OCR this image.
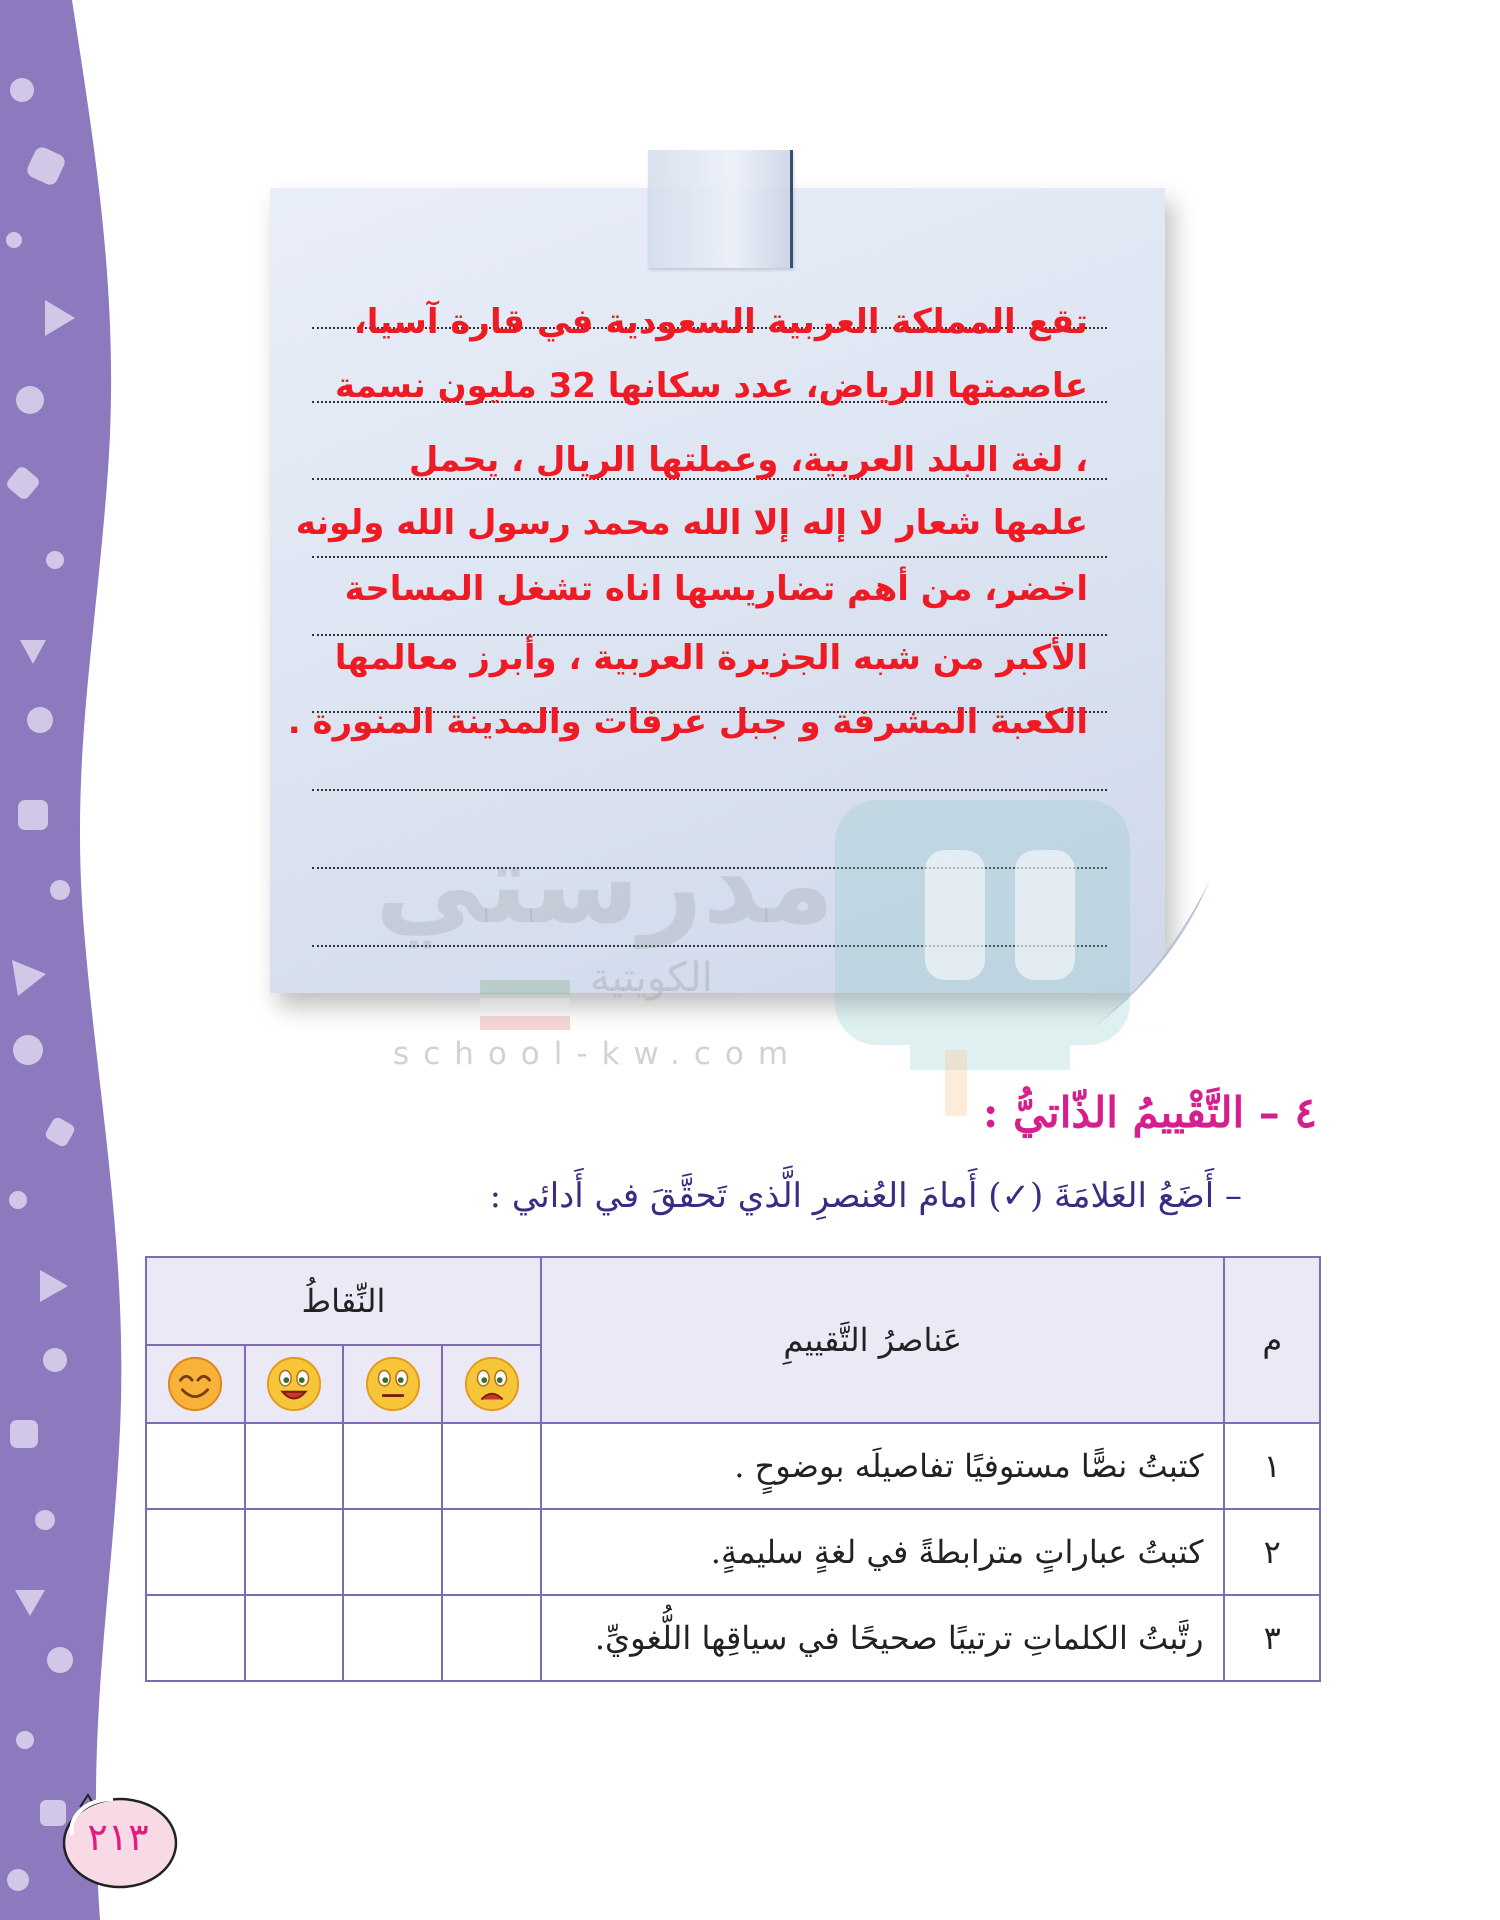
تقع المملكة العربية السعودية في قارة آسيا،
عاصمتها الرياض، عدد سكانها 32 مليون نسمة
، لغة البلد العربية، وعملتها الريال ، يحمل
علمها شعار لا إله إلا الله محمد رسول الله ولونه
اخضر، من أهم تضاريسها اناه تشغل المساحة
الأكبر من شبه الجزيرة العربية ، وأبرز معالمها
الكعبة المشرفة و جبل عرفات والمدينة المنورة .
مدرستي
الكويتية
school-kw.com
٤ – التَّقْييمُ الذّاتيُّ :
– أَضَعُ العَلامَةَ (✓) أَمامَ العُنصرِ الَّذي تَحقَّقَ في أَدائي :
م	عَناصرُ التَّقييمِ	النِّقاطُ			

١	كتبتُ نصًّا مستوفيًا تفاصيلَه بوضوحٍ .				
٢	كتبتُ عباراتٍ مترابطةً في لغةٍ سليمةٍ.				
٣	رتَّبتُ الكلماتِ ترتيبًا صحيحًا في سياقِها اللُّغويِّ.				
٢١٣
